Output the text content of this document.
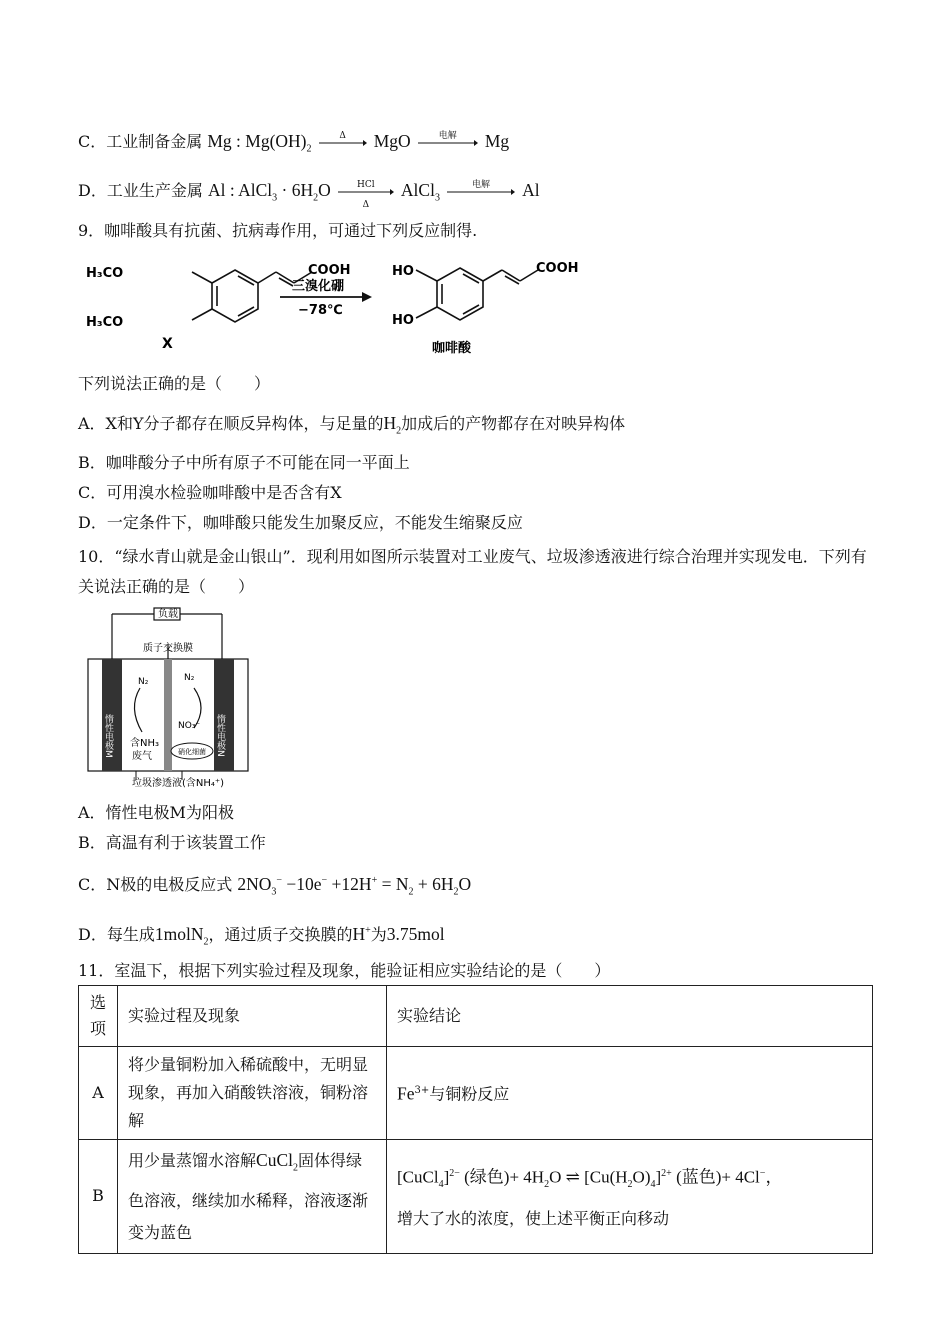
C．工业制备金属 Mg : $Mg(OH)_2$
Δ	MgO	电解	Mg
D．工业生产金属 Al : AlCl$_3$ · $6H_2O$	HCl
Δ
AlCl$_3$
电解	Al
9．咖啡酸具有抗菌、抗病毒作用，可通过下列反应制得.
H₃CO
H₃CO
COOH
X
三溴化硼
−78℃
HO
HO
COOH
咖啡酸
下列说法正确的是（　　）
A．X和Y分子都存在顺反异构体，与足量的$H_2$加成后的产物都存在对映异构体
B．咖啡酸分子中所有原子不可能在同一平面上
C．可用溴水检验咖啡酸中是否含有X
D．一定条件下，咖啡酸只能发生加聚反应，不能发生缩聚反应
10．“绿水青山就是金山银山”．现利用如图所示装置对工业废气、垃圾渗透液进行综合治理并实现发电．下列有关说法正确的是（　　）
负载
质子交换膜
惰性电极M	惰性电极N
N₂	N₂
含NH₃
废气
NO₃⁻
硝化细菌
垃圾渗透液(含NH₄⁺)
A．惰性电极M为阳极
B．高温有利于该装置工作
C．N极的电极反应式 $2NO_3^- -10e^- +12H^+ = N_2 + 6H_2O$
D．每生成1molN$_2$，通过质子交换膜的H+为3.75mol
11．室温下，根据下列实验过程及现象，能验证相应实验结论的是（　　）
选项	实验过程及现象	实验结论
A	将少量铜粉加入稀硫酸中，无明显现象，再加入硝酸铁溶液，铜粉溶解	$Fe^{3+}$与铜粉反应
B	用少量蒸馏水溶解CuCl$_2$固体得绿色溶液，继续加水稀释，溶液逐渐变为蓝色	[CuCl$_4$]$^{2-}$ (绿色)+ $4H_2O$ ⇌ $[Cu(H_2O)_4]^{2+}$ (蓝色)+ 4Cl−，
增大了水的浓度，使上述平衡正向移动
